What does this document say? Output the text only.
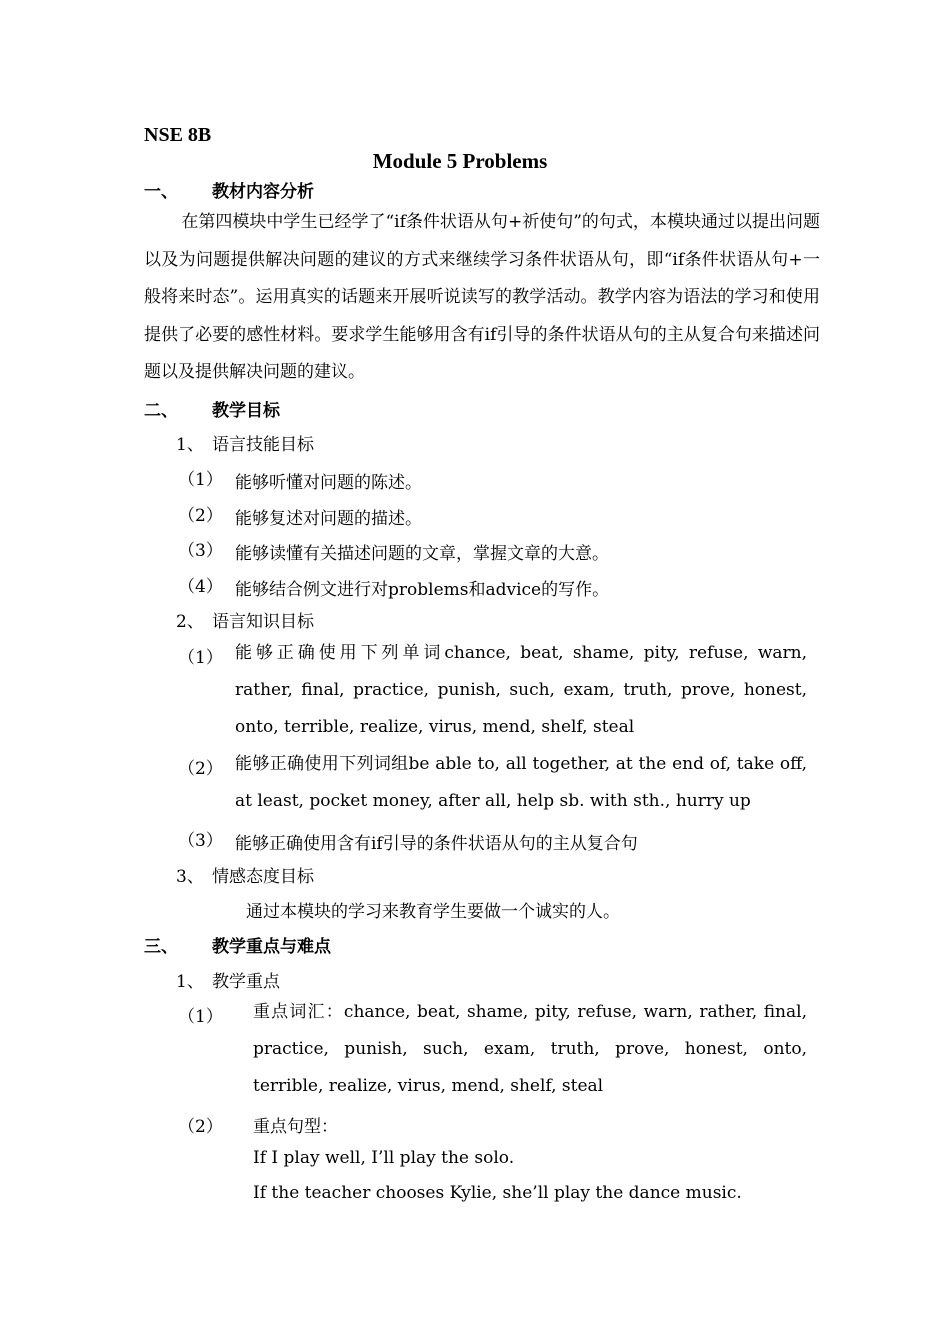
NSE 8B
Module 5 Problems
一、 教材内容分析

在第四模块中学生已经学了“if条件状语从句+祈使句”的句式，本模块通过以提出问题以及为问题提供解决问题的建议的方式来继续学习条件状语从句，即“if条件状语从句+一般将来时态”。运用真实的话题来开展听说读写的教学活动。教学内容为语法的学习和使用提供了必要的感性材料。要求学生能够用含有if引导的条件状语从句的主从复合句来描述问题以及提供解决问题的建议。

二、 教学目标
1、 语言技能目标
（1） 能够听懂对问题的陈述。
（2） 能够复述对问题的描述。
（3） 能够读懂有关描述问题的文章，掌握文章的大意。
（4） 能够结合例文进行对problems和advice的写作。
2、 语言知识目标
（1） 能够正确使用下列单词chance, beat, shame, pity, refuse, warn, rather, final, practice, punish, such, exam, truth, prove, honest, onto, terrible, realize, virus, mend, shelf, steal
（2） 能够正确使用下列词组be able to, all together, at the end of, take off, at least, pocket money, after all, help sb. with sth., hurry up
（3） 能够正确使用含有if引导的条件状语从句的主从复合句
3、 情感态度目标
通过本模块的学习来教育学生要做一个诚实的人。
三、 教学重点与难点
1、 教学重点
（1） 重点词汇：chance, beat, shame, pity, refuse, warn, rather, final, practice, punish, such, exam, truth, prove, honest, onto, terrible, realize, virus, mend, shelf, steal
（2） 重点句型：
If I play well, I’ll play the solo.
If the teacher chooses Kylie, she’ll play the dance music.
